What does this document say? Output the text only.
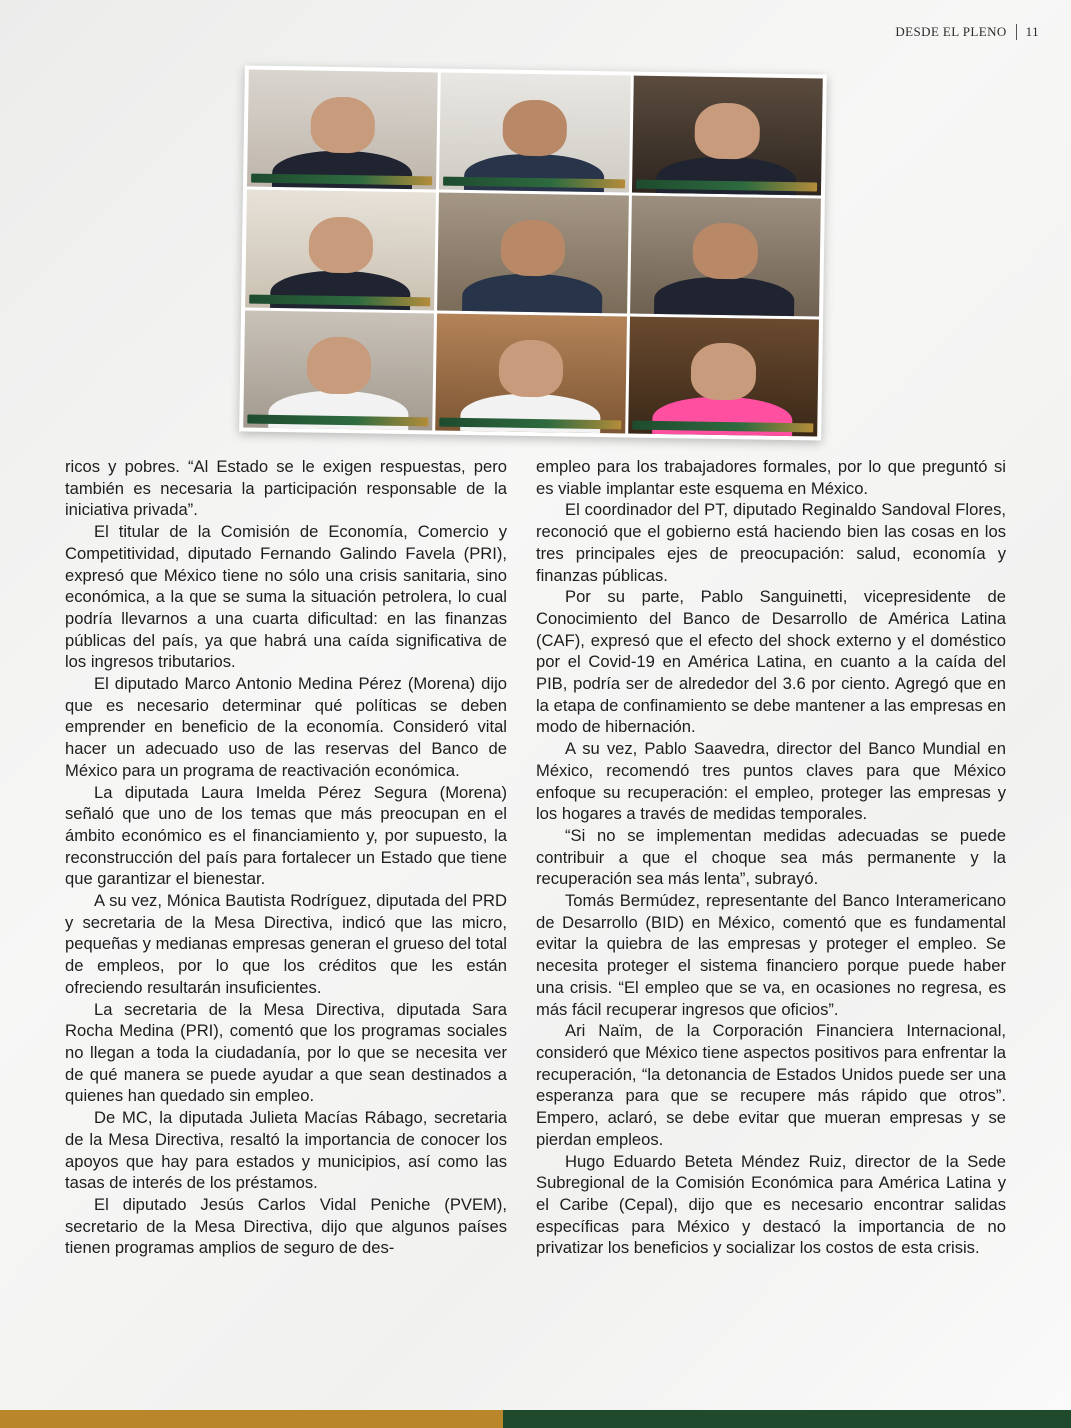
DESDE EL PLENO 11

ricos y pobres. “Al Estado se le exigen respuestas, pero también es necesaria la participación responsable de la iniciativa privada”.

El titular de la Comisión de Economía, Comercio y Competitividad, diputado Fernando Galindo Favela (PRI), expresó que México tiene no sólo una crisis sanitaria, sino económica, a la que se suma la situación petrolera, lo cual podría llevarnos a una cuarta dificultad: en las finanzas públicas del país, ya que habrá una caída significativa de los ingresos tributarios.

El diputado Marco Antonio Medina Pérez (Morena) dijo que es necesario determinar qué políticas se deben emprender en beneficio de la economía. Consideró vital hacer un adecuado uso de las reservas del Banco de México para un programa de reactivación económica.

La diputada Laura Imelda Pérez Segura (Morena) señaló que uno de los temas que más preocupan en el ámbito económico es el financiamiento y, por supuesto, la reconstrucción del país para fortalecer un Estado que tiene que garantizar el bienestar.

A su vez, Mónica Bautista Rodríguez, diputada del PRD y secretaria de la Mesa Directiva, indicó que las micro, pequeñas y medianas empresas generan el grueso del total de empleos, por lo que los créditos que les están ofreciendo resultarán insuficientes.

La secretaria de la Mesa Directiva, diputada Sara Rocha Medina (PRI), comentó que los programas sociales no llegan a toda la ciudadanía, por lo que se necesita ver de qué manera se puede ayudar a que sean destinados a quienes han quedado sin empleo.

De MC, la diputada Julieta Macías Rábago, secretaria de la Mesa Directiva, resaltó la importancia de conocer los apoyos que hay para estados y municipios, así como las tasas de interés de los préstamos.

El diputado Jesús Carlos Vidal Peniche (PVEM), secretario de la Mesa Directiva, dijo que algunos países tienen programas amplios de seguro de des-

empleo para los trabajadores formales, por lo que preguntó si es viable implantar este esquema en México.

El coordinador del PT, diputado Reginaldo Sandoval Flores, reconoció que el gobierno está haciendo bien las cosas en los tres principales ejes de preocupación: salud, economía y finanzas públicas.

Por su parte, Pablo Sanguinetti, vicepresidente de Conocimiento del Banco de Desarrollo de América Latina (CAF), expresó que el efecto del shock externo y el doméstico por el Covid-19 en América Latina, en cuanto a la caída del PIB, podría ser de alrededor del 3.6 por ciento. Agregó que en la etapa de confinamiento se debe mantener a las empresas en modo de hibernación.

A su vez, Pablo Saavedra, director del Banco Mundial en México, recomendó tres puntos claves para que México enfoque su recuperación: el empleo, proteger las empresas y los hogares a través de medidas temporales.

“Si no se implementan medidas adecuadas se puede contribuir a que el choque sea más permanente y la recuperación sea más lenta”, subrayó.

Tomás Bermúdez, representante del Banco Interamericano de Desarrollo (BID) en México, comentó que es fundamental evitar la quiebra de las empresas y proteger el empleo. Se necesita proteger el sistema financiero porque puede haber una crisis. “El empleo que se va, en ocasiones no regresa, es más fácil recuperar ingresos que oficios”.

Ari Naïm, de la Corporación Financiera Internacional, consideró que México tiene aspectos positivos para enfrentar la recuperación, “la detonancia de Estados Unidos puede ser una esperanza para que se recupere más rápido que otros”. Empero, aclaró, se debe evitar que mueran empresas y se pierdan empleos.

Hugo Eduardo Beteta Méndez Ruiz, director de la Sede Subregional de la Comisión Económica para América Latina y el Caribe (Cepal), dijo que es necesario encontrar salidas específicas para México y destacó la importancia de no privatizar los beneficios y socializar los costos de esta crisis.
